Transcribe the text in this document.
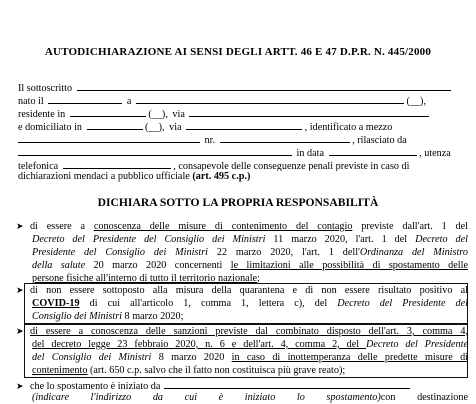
AUTODICHIARAZIONE AI SENSI DEGLI ARTT. 46 E 47 D.P.R. N. 445/2000
Il sottoscritto
nato il	a	(__),
residente in	(__), via
e domiciliato in	(__), via	, identificato a mezzo
nr.	, rilasciato da
in data	, utenza
telefonica	, consapevole delle conseguenze penali previste in caso di
dichiarazioni mendaci a pubblico ufficiale (art. 495 c.p.)
DICHIARA SOTTO LA PROPRIA RESPONSABILITÀ
➤ di essere a conoscenza delle misure di contenimento del contagio previste dall'art. 1 del
Decreto del Presidente del Consiglio dei Ministri 11 marzo 2020, l'art. 1 del Decreto del
Presidente del Consiglio dei Ministri 22 marzo 2020, l'art. 1 dell'Ordinanza del Ministro
della salute 20 marzo 2020 concernenti le limitazioni alle possibilità di spostamento delle
persone fisiche all'interno di tutto il territorio nazionale;
➤ di non essere sottoposto alla misura della quarantena e di non essere risultato positivo al
COVID-19 di cui all'articolo 1, comma 1, lettera c), del Decreto del Presidente del
Consiglio dei Ministri 8 marzo 2020;
➤ di essere a conoscenza delle sanzioni previste dal combinato disposto dell'art. 3, comma 4,
del decreto legge 23 febbraio 2020, n. 6 e dell'art. 4, comma 2, del Decreto del Presidente
del Consiglio dei Ministri 8 marzo 2020 in caso di inottemperanza delle predette misure di
contenimento (art. 650 c.p. salvo che il fatto non costituisca più grave reato);
➤ che lo spostamento è iniziato da
(indicare l'indirizzo da cui è iniziato lo spostamento)con destinazione
